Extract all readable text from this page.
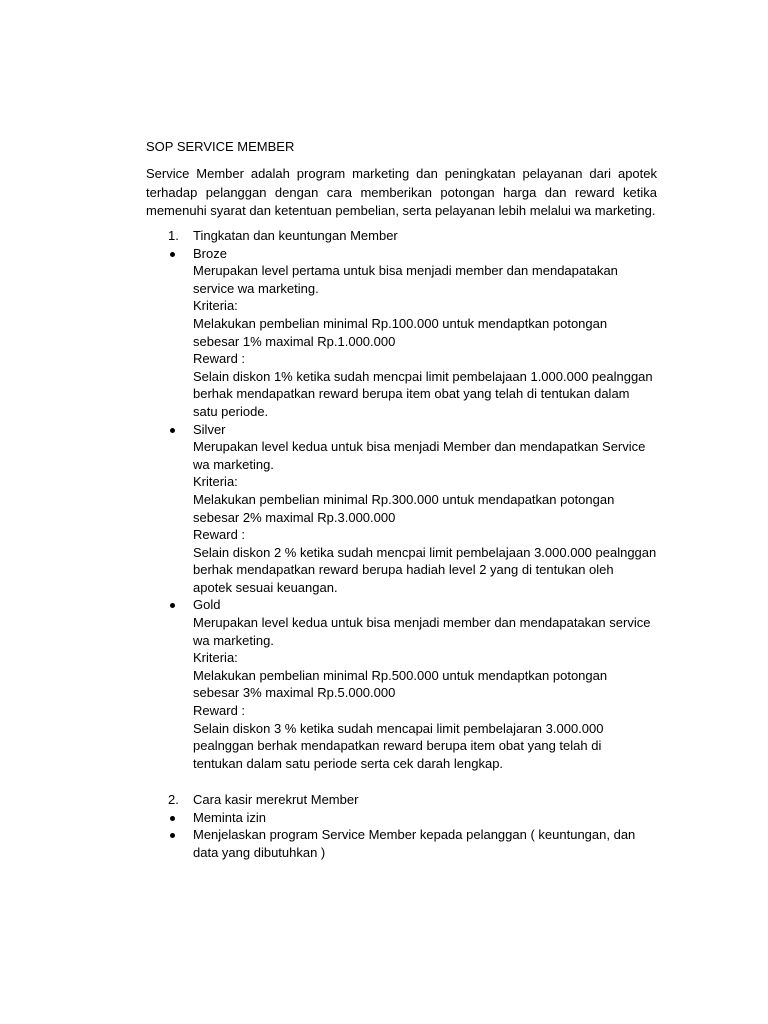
SOP SERVICE MEMBER
Service Member adalah program marketing dan peningkatan pelayanan dari apotek
terhadap pelanggan dengan cara memberikan potongan harga dan reward ketika
memenuhi syarat dan ketentuan pembelian, serta pelayanan lebih melalui wa marketing.
1. Tingkatan dan keuntungan Member
Broze
Merupakan level pertama untuk bisa menjadi member dan mendapatakan
service wa marketing.
Kriteria:
Melakukan pembelian minimal Rp.100.000 untuk mendaptkan potongan
sebesar 1% maximal Rp.1.000.000
Reward :
Selain diskon 1% ketika sudah mencpai limit pembelajaan 1.000.000 pealnggan
berhak mendapatkan reward berupa item obat yang telah di tentukan dalam
satu periode.
Silver
Merupakan level kedua untuk bisa menjadi Member dan mendapatkan Service
wa marketing.
Kriteria:
Melakukan pembelian minimal Rp.300.000 untuk mendapatkan potongan
sebesar 2% maximal Rp.3.000.000
Reward :
Selain diskon 2 % ketika sudah mencpai limit pembelajaan 3.000.000 pealnggan
berhak mendapatkan reward berupa hadiah level 2 yang di tentukan oleh
apotek sesuai keuangan.
Gold
Merupakan level kedua untuk bisa menjadi member dan mendapatakan service
wa marketing.
Kriteria:
Melakukan pembelian minimal Rp.500.000 untuk mendaptkan potongan
sebesar 3% maximal Rp.5.000.000
Reward :
Selain diskon 3 % ketika sudah mencapai limit pembelajaran 3.000.000
pealnggan berhak mendapatkan reward berupa item obat yang telah di
tentukan dalam satu periode serta cek darah lengkap.
2. Cara kasir merekrut Member
Meminta izin
Menjelaskan program Service Member kepada pelanggan ( keuntungan, dan
data yang dibutuhkan )
